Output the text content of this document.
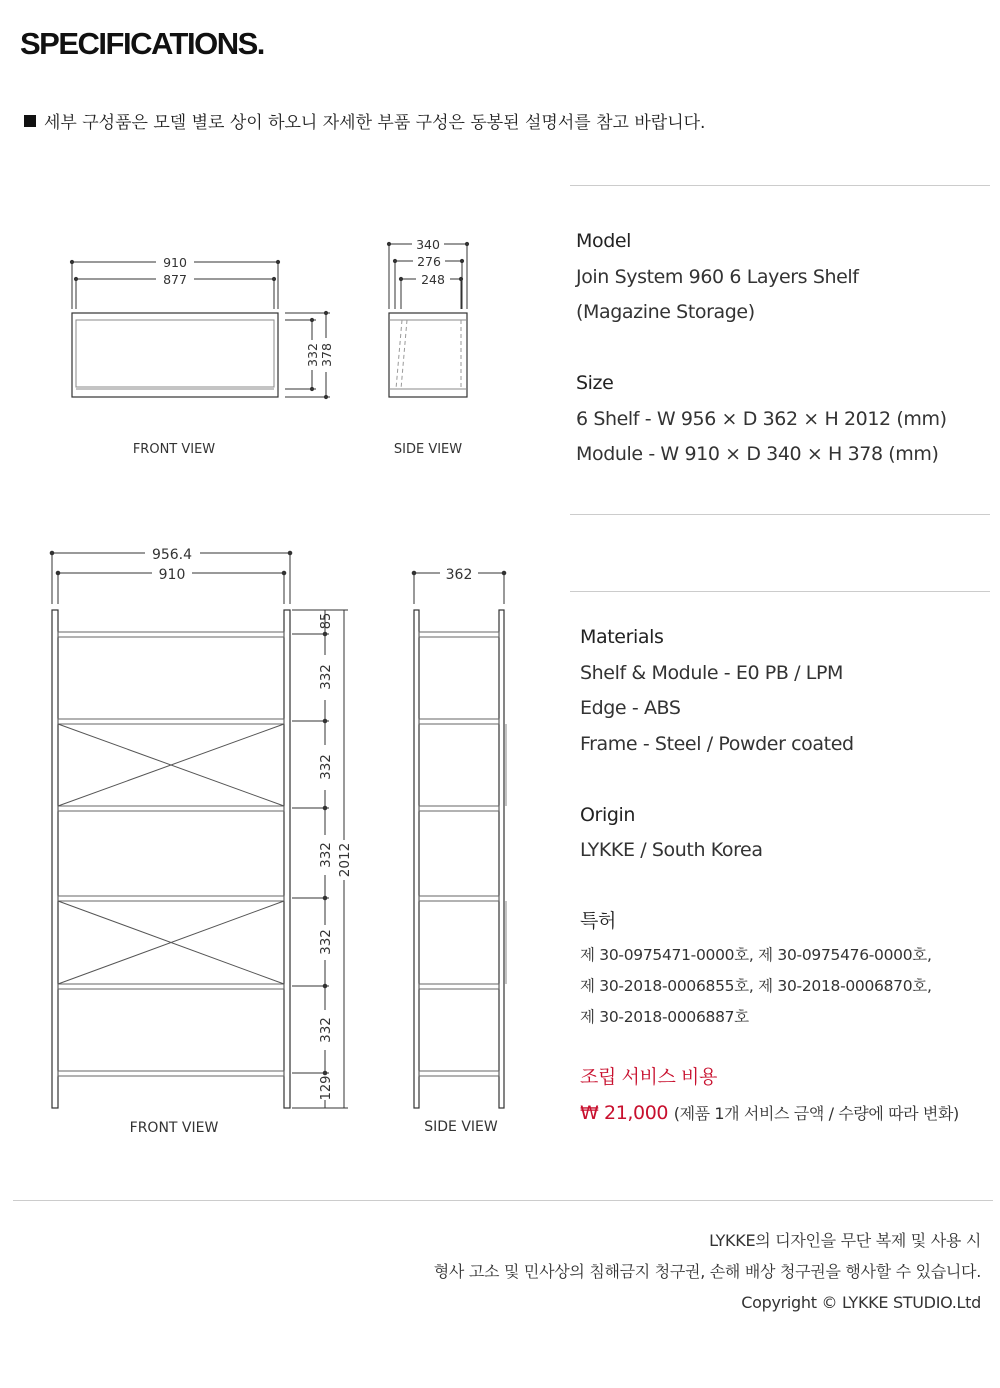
SPECIFICATIONS.
세부 구성품은 모델 별로 상이 하오니 자세한 부품 구성은 동봉된 설명서를 참고 바랍니다.
910
877
332 378
FRONT VIEW
340
276
248
SIDE VIEW
956.4
910
85
332
332
332
332
332
129
2012
FRONT VIEW
362
SIDE VIEW
Model
Join System 960 6 Layers Shelf
(Magazine Storage)
Size
6 Shelf - W 956 × D 362 × H 2012 (mm)
Module - W 910 × D 340 × H 378 (mm)
Materials
Shelf & Module - E0 PB / LPM
Edge - ABS
Frame - Steel / Powder coated
Origin
LYKKE / South Korea
특허
제 30-0975471-0000호, 제 30-0975476-0000호,
제 30-2018-0006855호, 제 30-2018-0006870호,
제 30-2018-0006887호
조립 서비스 비용
₩ 21,000 (제품 1개 서비스 금액 / 수량에 따라 변화)
LYKKE의 디자인을 무단 복제 및 사용 시
형사 고소 및 민사상의 침해금지 청구권, 손해 배상 청구권을 행사할 수 있습니다.
Copyright © LYKKE STUDIO.Ltd
